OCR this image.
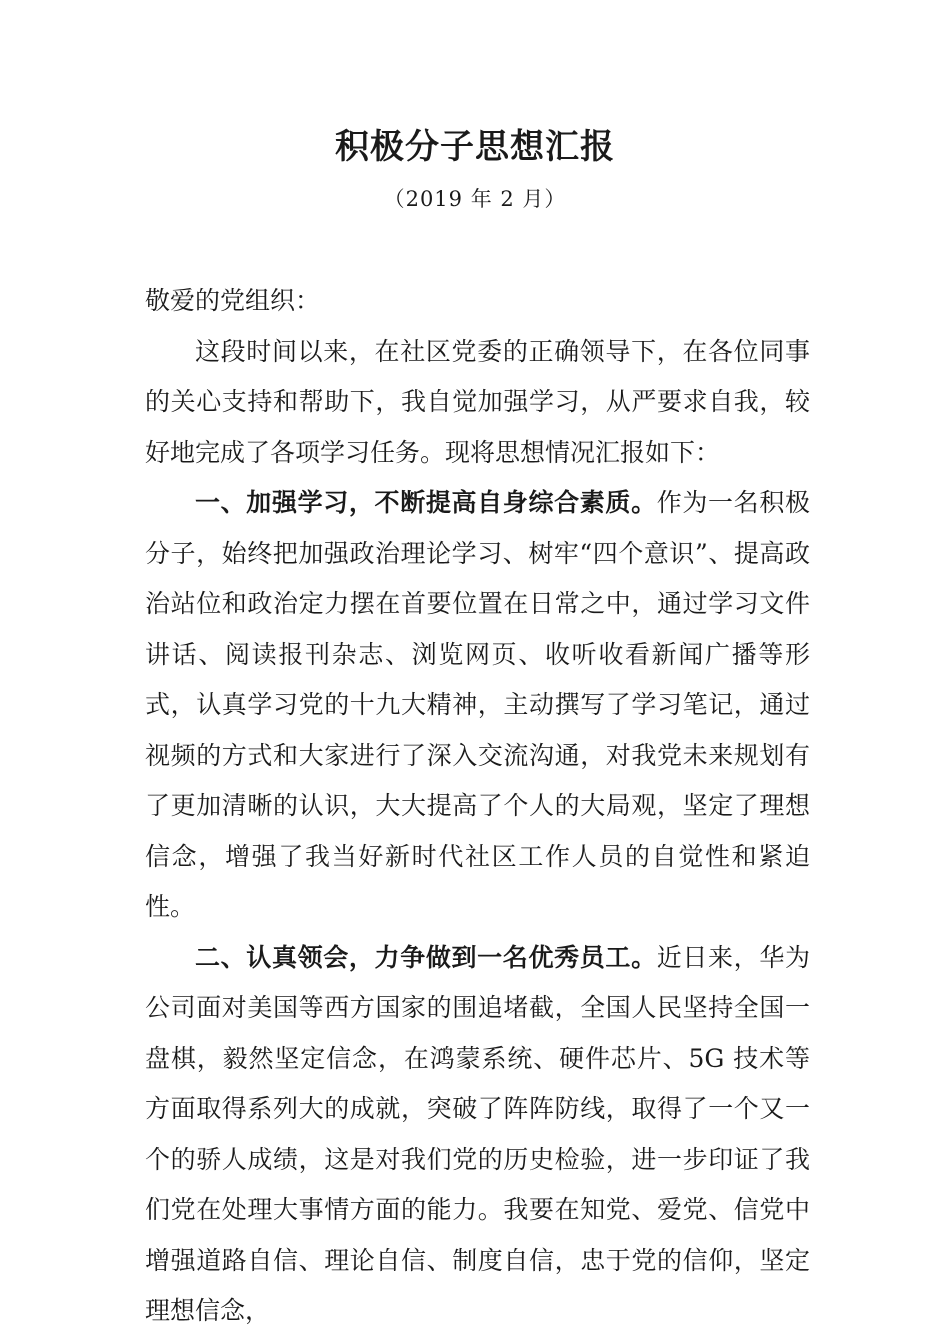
积极分子思想汇报
（2019 年 2 月）

敬爱的党组织：

这段时间以来，在社区党委的正确领导下，在各位同事的关心支持和帮助下，我自觉加强学习，从严要求自我，较好地完成了各项学习任务。现将思想情况汇报如下：

一、加强学习，不断提高自身综合素质。作为一名积极分子，始终把加强政治理论学习、树牢“四个意识”、提高政治站位和政治定力摆在首要位置在日常之中，通过学习文件讲话、阅读报刊杂志、浏览网页、收听收看新闻广播等形式，认真学习党的十九大精神，主动撰写了学习笔记，通过视频的方式和大家进行了深入交流沟通，对我党未来规划有了更加清晰的认识，大大提高了个人的大局观，坚定了理想信念，增强了我当好新时代社区工作人员的自觉性和紧迫性。

二、认真领会，力争做到一名优秀员工。近日来，华为公司面对美国等西方国家的围追堵截，全国人民坚持全国一盘棋，毅然坚定信念，在鸿蒙系统、硬件芯片、5G 技术等方面取得系列大的成就，突破了阵阵防线，取得了一个又一个的骄人成绩，这是对我们党的历史检验，进一步印证了我们党在处理大事情方面的能力。我要在知党、爱党、信党中增强道路自信、理论自信、制度自信，忠于党的信仰，坚定理想信念，
